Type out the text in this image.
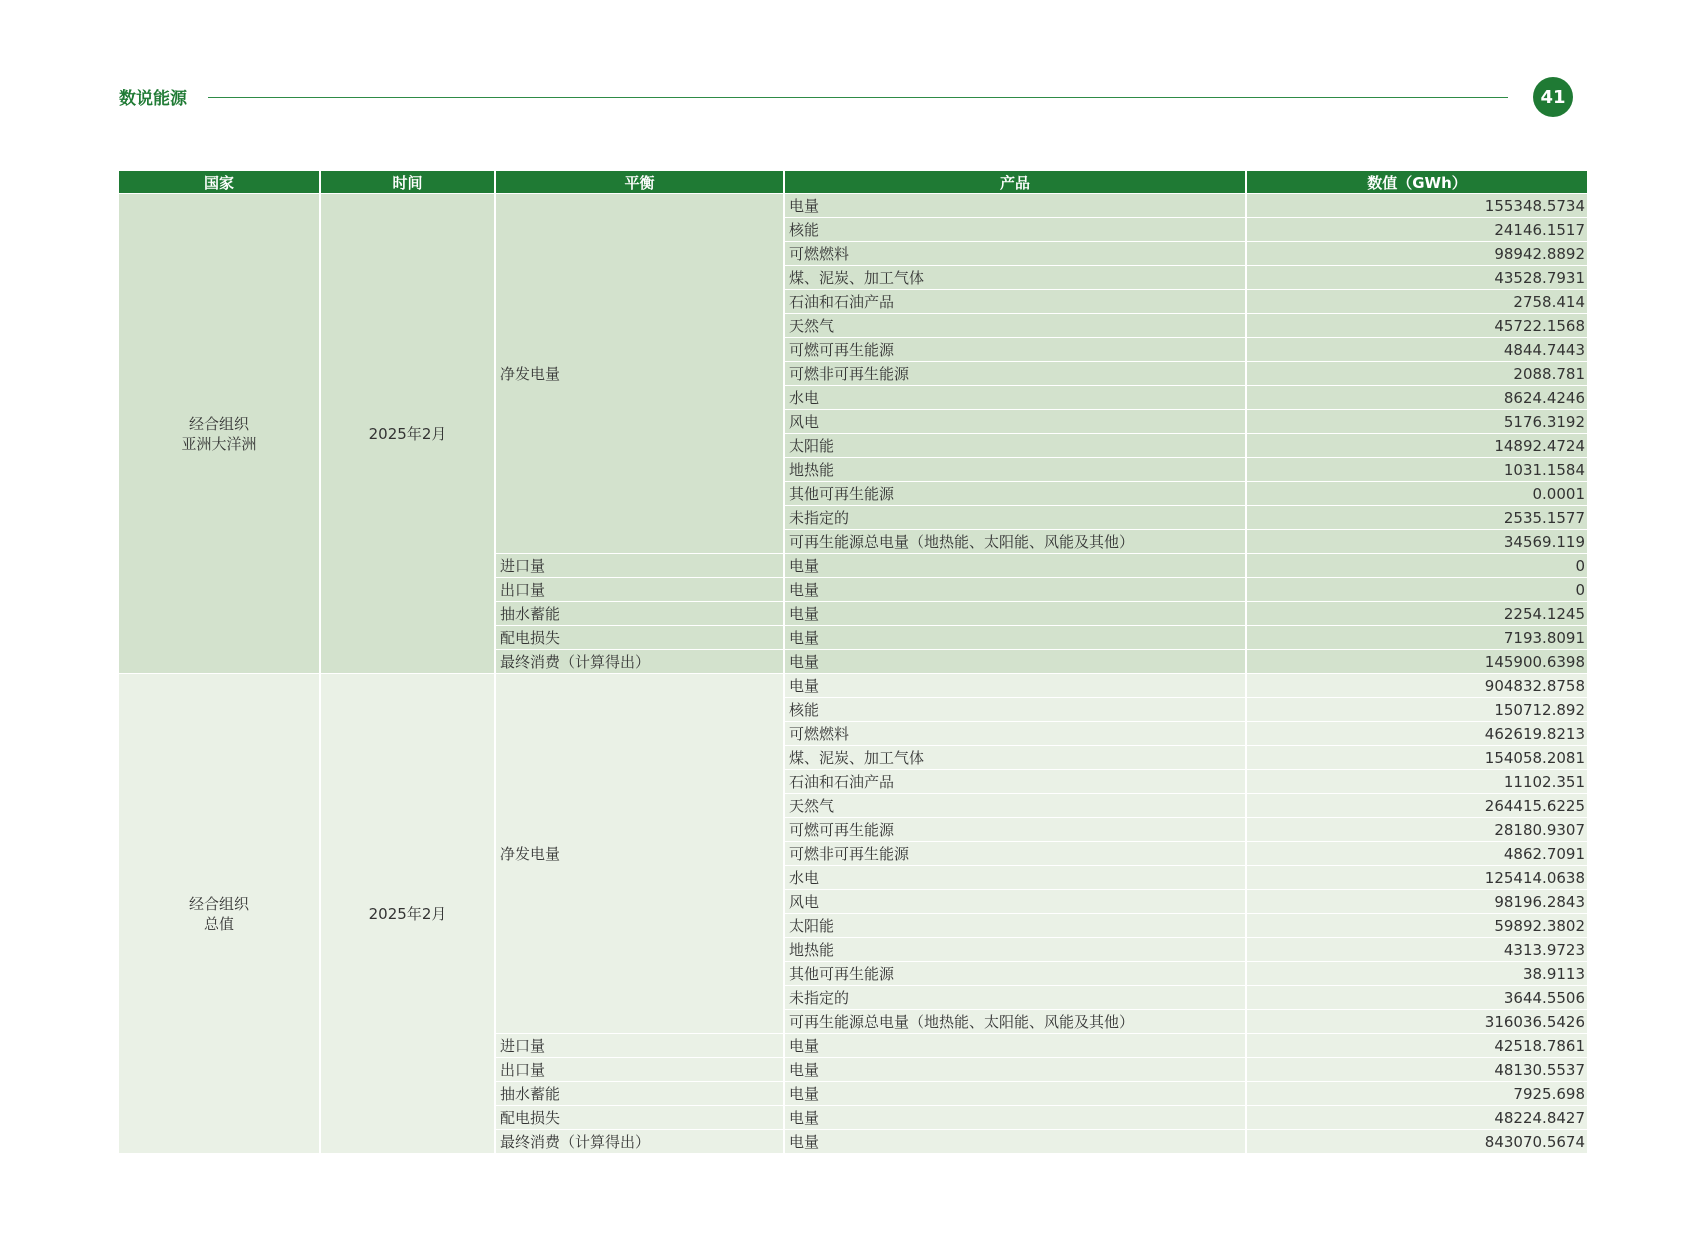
数说能源	41
国家	时间	平衡	产品	数值（GWh）
经合组织
亚洲大洋洲
2025年2月
净发电量
电量	155348.5734
核能	24146.1517
可燃燃料	98942.8892
煤、泥炭、加工气体	43528.7931
石油和石油产品	2758.414
天然气	45722.1568
可燃可再生能源	4844.7443
可燃非可再生能源	2088.781
水电	8624.4246
风电	5176.3192
太阳能	14892.4724
地热能	1031.1584
其他可再生能源	0.0001
未指定的	2535.1577
可再生能源总电量（地热能、太阳能、风能及其他）	34569.119
进口量	电量	0
出口量	电量	0
抽水蓄能	电量	2254.1245
配电损失	电量	7193.8091
最终消费（计算得出）	电量	145900.6398
经合组织
总值
2025年2月
净发电量
电量	904832.8758
核能	150712.892
可燃燃料	462619.8213
煤、泥炭、加工气体	154058.2081
石油和石油产品	11102.351
天然气	264415.6225
可燃可再生能源	28180.9307
可燃非可再生能源	4862.7091
水电	125414.0638
风电	98196.2843
太阳能	59892.3802
地热能	4313.9723
其他可再生能源	38.9113
未指定的	3644.5506
可再生能源总电量（地热能、太阳能、风能及其他）	316036.5426
进口量	电量	42518.7861
出口量	电量	48130.5537
抽水蓄能	电量	7925.698
配电损失	电量	48224.8427
最终消费（计算得出）	电量	843070.5674
